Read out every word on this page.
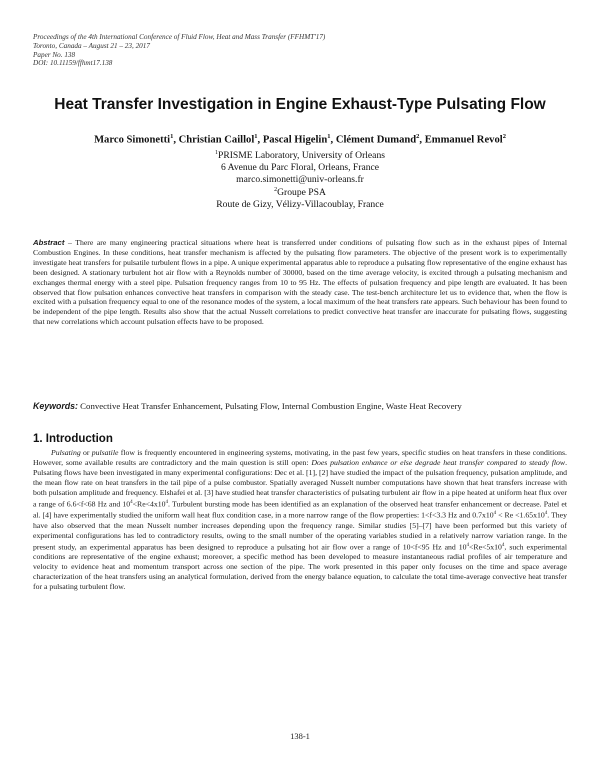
Proceedings of the 4th International Conference of Fluid Flow, Heat and Mass Transfer (FFHMT'17)
Toronto, Canada – August 21 – 23, 2017
Paper No. 138
DOI: 10.11159/ffhmt17.138
Heat Transfer Investigation in Engine Exhaust-Type Pulsating Flow
Marco Simonetti$^1$, Christian Caillol$^1$, Pascal Higelin$^1$, Clément Dumand$^2$, Emmanuel Revol$^2$
$^1$PRISME Laboratory, University of Orleans
6 Avenue du Parc Floral, Orleans, France
marco.simonetti@univ-orleans.fr
$^2$Groupe PSA
Route de Gizy, Vélizy-Villacoublay, France
Abstract – There are many engineering practical situations where heat is transferred under conditions of pulsating flow such as in the exhaust pipes of Internal Combustion Engines. In these conditions, heat transfer mechanism is affected by the pulsating flow parameters. The objective of the present work is to experimentally investigate heat transfers for pulsatile turbulent flows in a pipe. A unique experimental apparatus able to reproduce a pulsating flow representative of the engine exhaust has been designed. A stationary turbulent hot air flow with a Reynolds number of 30000, based on the time average velocity, is excited through a pulsating mechanism and exchanges thermal energy with a steel pipe. Pulsation frequency ranges from 10 to 95 Hz. The effects of pulsation frequency and pipe length are evaluated. It has been observed that flow pulsation enhances convective heat transfers in comparison with the steady case. The test-bench architecture let us to evidence that, when the flow is excited with a pulsation frequency equal to one of the resonance modes of the system, a local maximum of the heat transfers rate appears. Such behaviour has been found to be independent of the pipe length. Results also show that the actual Nusselt correlations to predict convective heat transfer are inaccurate for pulsating flows, suggesting that new correlations which account pulsation effects have to be proposed.
Keywords: Convective Heat Transfer Enhancement, Pulsating Flow, Internal Combustion Engine, Waste Heat Recovery
1. Introduction
Pulsating or pulsatile flow is frequently encountered in engineering systems, motivating, in the past few years, specific studies on heat transfers in these conditions. However, some available results are contradictory and the main question is still open: Does pulsation enhance or else degrade heat transfer compared to steady flow. Pulsating flows have been investigated in many experimental configurations: Dec et al. [1], [2] have studied the impact of the pulsation frequency, pulsation amplitude, and the mean flow rate on heat transfers in the tail pipe of a pulse combustor. Spatially averaged Nusselt number computations have shown that heat transfers increase with both pulsation amplitude and frequency. Elshafei et al. [3] have studied heat transfer characteristics of pulsating turbulent air flow in a pipe heated at uniform heat flux over a range of 6.6<f<68 Hz and $10^4<Re<4x10^4$. Turbulent bursting mode has been identified as an explanation of the observed heat transfer enhancement or decrease. Patel et al. [4] have experimentally studied the uniform wall heat flux condition case, in a more narrow range of the flow properties: 1<f<3.3 Hz and $0.7x10^4 < Re <1.65x10^4$. They have also observed that the mean Nusselt number increases depending upon the frequency range. Similar studies [5]–[7] have been performed but this variety of experimental configurations has led to contradictory results, owing to the small number of the operating variables studied in a relatively narrow variation range. In the present study, an experimental apparatus has been designed to reproduce a pulsating hot air flow over a range of 10<f<95 Hz and $10^4<Re<5x10^4$, such experimental conditions are representative of the engine exhaust; moreover, a specific method has been developed to measure instantaneous radial profiles of air temperature and velocity to evidence heat and momentum transport across one section of the pipe. The work presented in this paper only focuses on the time and space average characterization of the heat transfers using an analytical formulation, derived from the energy balance equation, to calculate the total time-average convective heat transfer for a pulsating turbulent flow.
138-1
